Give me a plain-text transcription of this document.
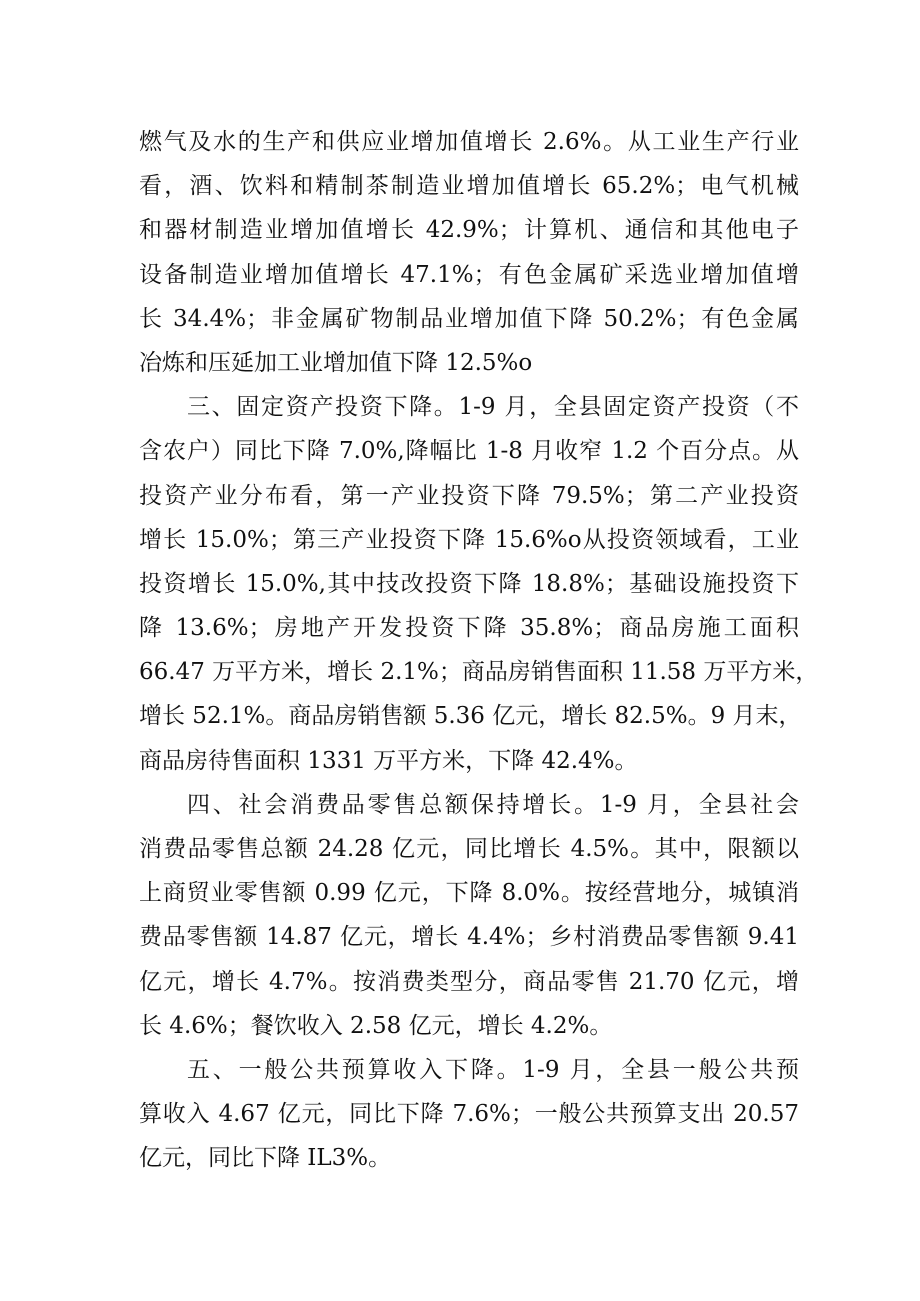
燃气及水的生产和供应业增加值增长 2.6%。从工业生产行业
看，酒、饮料和精制茶制造业增加值增长 65.2%；电气机械
和器材制造业增加值增长 42.9%；计算机、通信和其他电子
设备制造业增加值增长 47.1%；有色金属矿采选业增加值增
长 34.4%；非金属矿物制品业增加值下降 50.2%；有色金属
冶炼和压延加工业增加值下降 12.5%o
三、固定资产投资下降。1-9 月，全县固定资产投资（不
含农户）同比下降 7.0%,降幅比 1-8 月收窄 1.2 个百分点。从
投资产业分布看，第一产业投资下降 79.5%；第二产业投资
增长 15.0%；第三产业投资下降 15.6%o从投资领域看，工业
投资增长 15.0%,其中技改投资下降 18.8%；基础设施投资下
降 13.6%；房地产开发投资下降 35.8%；商品房施工面积
66.47 万平方米，增长 2.1%；商品房销售面积 11.58 万平方米，
增长 52.1%。商品房销售额 5.36 亿元，增长 82.5%。9 月末，
商品房待售面积 1331 万平方米，下降 42.4%。
四、社会消费品零售总额保持增长。1-9 月，全县社会
消费品零售总额 24.28 亿元，同比增长 4.5%。其中，限额以
上商贸业零售额 0.99 亿元，下降 8.0%。按经营地分，城镇消
费品零售额 14.87 亿元，增长 4.4%；乡村消费品零售额 9.41
亿元，增长 4.7%。按消费类型分，商品零售 21.70 亿元，增
长 4.6%；餐饮收入 2.58 亿元，增长 4.2%。
五、一般公共预算收入下降。1-9 月，全县一般公共预
算收入 4.67 亿元，同比下降 7.6%；一般公共预算支出 20.57
亿元，同比下降 IL3%。
